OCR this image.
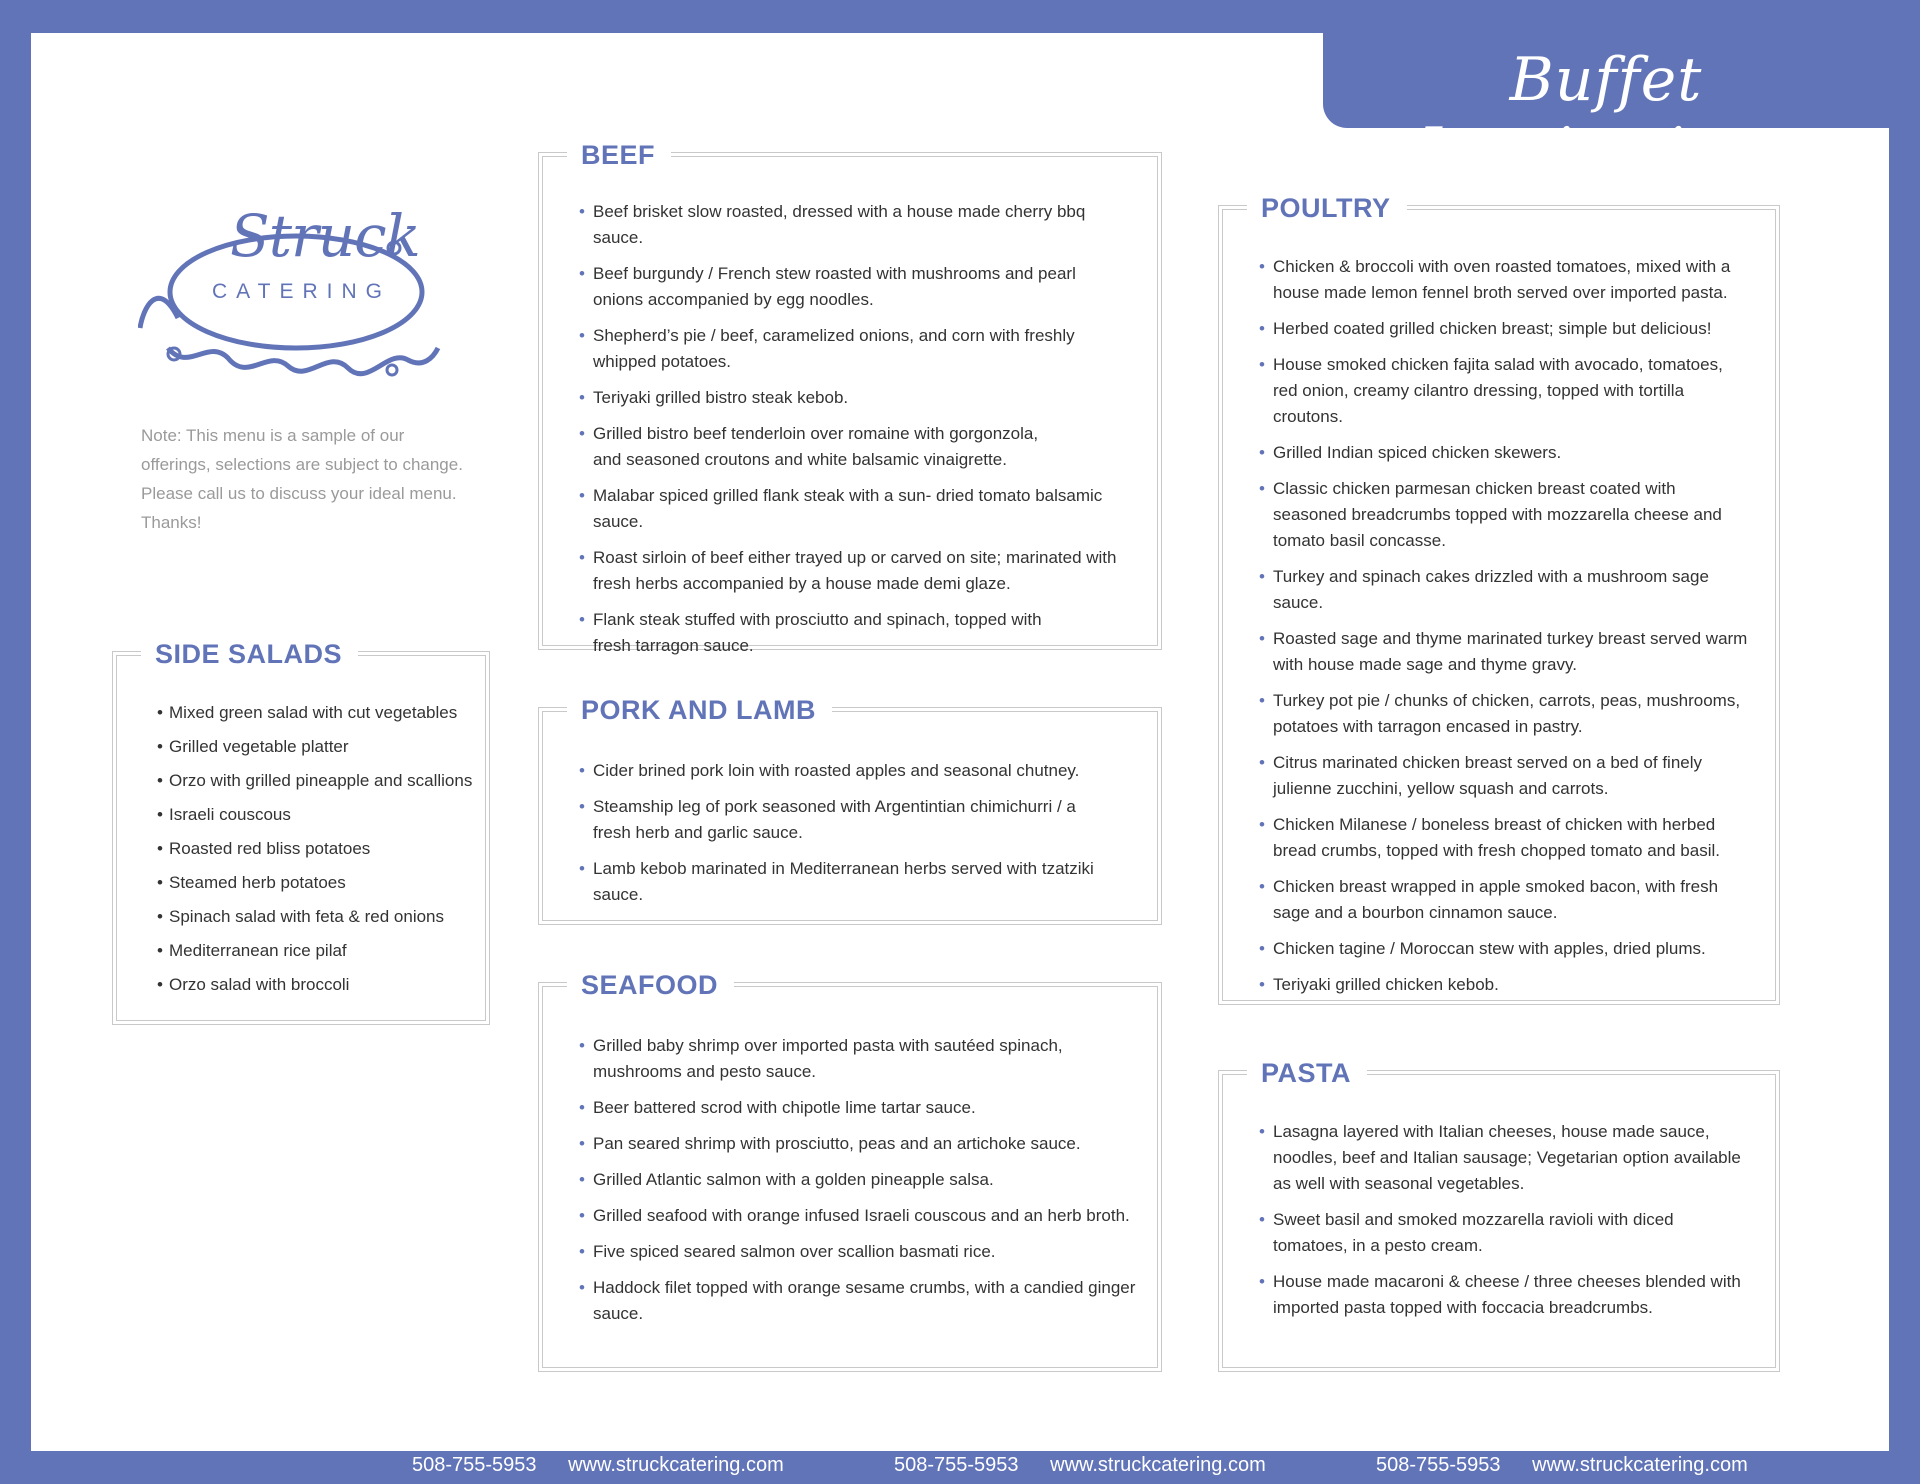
Buffet Inspirations
Struck
CATERING
Note: This menu is a sample of our offerings, selections are subject to change. Please call us to discuss your ideal menu. Thanks!
BEEF
• Beef brisket slow roasted, dressed with a house made cherry bbq sauce.
• Beef burgundy / French stew roasted with mushrooms and pearl onions accompanied by egg noodles.
• Shepherd’s pie / beef, caramelized onions, and corn with freshly whipped potatoes.
• Teriyaki grilled bistro steak kebob.
• Grilled bistro beef tenderloin over romaine with gorgonzola, and seasoned croutons and white balsamic vinaigrette.
• Malabar spiced grilled flank steak with a sun- dried tomato balsamic sauce.
• Roast sirloin of beef either trayed up or carved on site; marinated with fresh herbs accompanied by a house made demi glaze.
• Flank steak stuffed with prosciutto and spinach, topped with fresh tarragon sauce.
PORK AND LAMB
• Cider brined pork loin with roasted apples and seasonal chutney.
• Steamship leg of pork seasoned with Argentintian chimichurri / a fresh herb and garlic sauce.
• Lamb kebob marinated in Mediterranean herbs served with tzatziki sauce.
SEAFOOD
• Grilled baby shrimp over imported pasta with sautéed spinach, mushrooms and pesto sauce.
• Beer battered scrod with chipotle lime tartar sauce.
• Pan seared shrimp with prosciutto, peas and an artichoke sauce.
• Grilled Atlantic salmon with a golden pineapple salsa.
• Grilled seafood with orange infused Israeli couscous and an herb broth.
• Five spiced seared salmon over scallion basmati rice.
• Haddock filet topped with orange sesame crumbs, with a candied ginger sauce.
POULTRY
• Chicken & broccoli with oven roasted tomatoes, mixed with a house made lemon fennel broth served over imported pasta.
• Herbed coated grilled chicken breast; simple but delicious!
• House smoked chicken fajita salad with avocado, tomatoes, red onion, creamy cilantro dressing, topped with tortilla croutons.
• Grilled Indian spiced chicken skewers.
• Classic chicken parmesan chicken breast coated with seasoned breadcrumbs topped with mozzarella cheese and tomato basil concasse.
• Turkey and spinach cakes drizzled with a mushroom sage sauce.
• Roasted sage and thyme marinated turkey breast served warm with house made sage and thyme gravy.
• Turkey pot pie / chunks of chicken, carrots, peas, mushrooms, potatoes with tarragon encased in pastry.
• Citrus marinated chicken breast served on a bed of finely julienne zucchini, yellow squash and carrots.
• Chicken Milanese / boneless breast of chicken with herbed bread crumbs, topped with fresh chopped tomato and basil.
• Chicken breast wrapped in apple smoked bacon, with fresh sage and a bourbon cinnamon sauce.
• Chicken tagine / Moroccan stew with apples, dried plums.
• Teriyaki grilled chicken kebob.
PASTA
• Lasagna layered with Italian cheeses, house made sauce, noodles, beef and Italian sausage; Vegetarian option available as well with seasonal vegetables.
• Sweet basil and smoked mozzarella ravioli with diced tomatoes, in a pesto cream.
• House made macaroni & cheese / three cheeses blended with imported pasta topped with foccacia breadcrumbs.
SIDE SALADS
• Mixed green salad with cut vegetables
• Grilled vegetable platter
• Orzo with grilled pineapple and scallions
• Israeli couscous
• Roasted red bliss potatoes
• Steamed herb potatoes
• Spinach salad with feta & red onions
• Mediterranean rice pilaf
• Orzo salad with broccoli
508-755-5953 www.struckcatering.com	508-755-5953 www.struckcatering.com	508-755-5953 www.struckcatering.com
